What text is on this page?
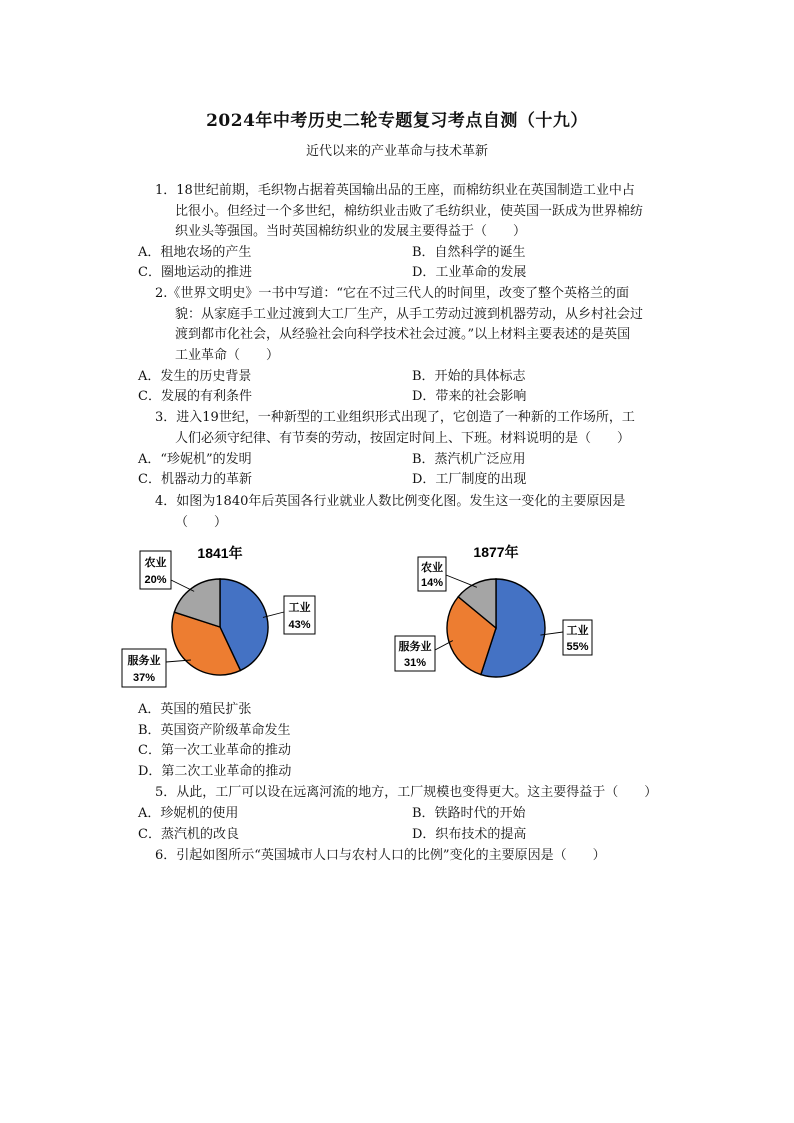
2024年中考历史二轮专题复习考点自测（十九）
近代以来的产业革命与技术革新
1．18世纪前期，毛织物占据着英国输出品的王座，而棉纺织业在英国制造工业中占
比很小。但经过一个多世纪，棉纺织业击败了毛纺织业，使英国一跃成为世界棉纺
织业头等强国。当时英国棉纺织业的发展主要得益于（　　）
A．租地农场的产生	B．自然科学的诞生
C．圈地运动的推进	D．工业革命的发展
2.《世界文明史》一书中写道：“它在不过三代人的时间里，改变了整个英格兰的面
貌：从家庭手工业过渡到大工厂生产，从手工劳动过渡到机器劳动，从乡村社会过
渡到都市化社会，从经验社会向科学技术社会过渡。”以上材料主要表述的是英国
工业革命（　　）
A．发生的历史背景	B．开始的具体标志
C．发展的有利条件	D．带来的社会影响
3．进入19世纪，一种新型的工业组织形式出现了，它创造了一种新的工作场所，工
人们必须守纪律、有节奏的劳动，按固定时间上、下班。材料说明的是（　　）
A．“珍妮机”的发明	B．蒸汽机广泛应用
C．机器动力的革新	D．工厂制度的出现
4．如图为1840年后英国各行业就业人数比例变化图。发生这一变化的主要原因是
（　　）
1841年
农业
20%
工业
43%
服务业
37%
1877年
农业
14%
工业
55%
服务业
31%
A．英国的殖民扩张
B．英国资产阶级革命发生
C．第一次工业革命的推动
D．第二次工业革命的推动
5．从此，工厂可以设在远离河流的地方，工厂规模也变得更大。这主要得益于（　　）
A．珍妮机的使用	B．铁路时代的开始
C．蒸汽机的改良	D．织布技术的提高
6．引起如图所示“英国城市人口与农村人口的比例”变化的主要原因是（　　）
